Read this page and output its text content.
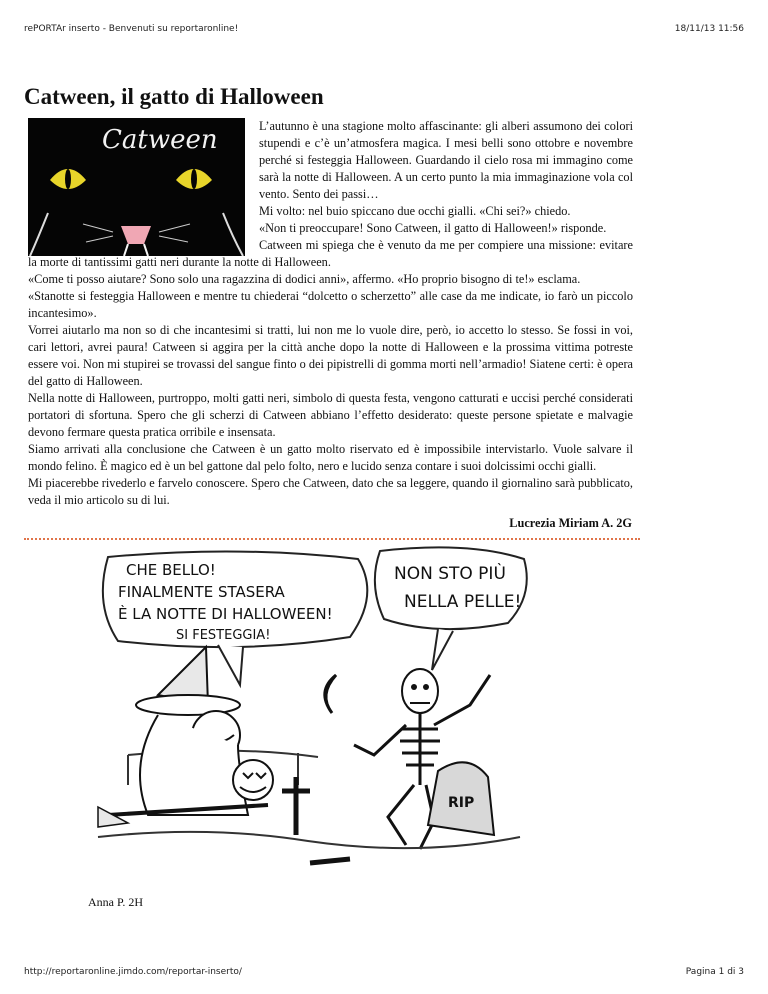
rePORTAr inserto - Benvenuti su reportaronline!	18/11/13 11:56
Catween, il gatto di Halloween
Catween	L’autunno è una stagione molto affascinante: gli alberi assumono dei colori stupendi e c’è un’atmosfera magica. I mesi belli sono ottobre e novembre perché si festeggia Halloween. Guardando il cielo rosa mi immagino come sarà la notte di Halloween. A un certo punto la mia immaginazione vola col vento. Sento dei passi…

Mi volto: nel buio spiccano due occhi gialli. «Chi sei?» chiedo.

«Non ti preoccupare! Sono Catween, il gatto di Halloween!» risponde.

Catween mi spiega che è venuto da me per compiere una missione: evitare la morte di tantissimi gatti neri durante la notte di Halloween.

«Come ti posso aiutare? Sono solo una ragazzina di dodici anni», affermo. «Ho proprio bisogno di te!» esclama.

«Stanotte si festeggia Halloween e mentre tu chiederai “dolcetto o scherzetto” alle case da me indicate, io farò un piccolo incantesimo».

Vorrei aiutarlo ma non so di che incantesimi si tratti, lui non me lo vuole dire, però, io accetto lo stesso. Se fossi in voi, cari lettori, avrei paura! Catween si aggira per la città anche dopo la notte di Halloween e la prossima vittima potreste essere voi. Non mi stupirei se trovassi del sangue finto o dei pipistrelli di gomma morti nell’armadio! Siatene certi: è opera del gatto di Halloween.

Nella notte di Halloween, purtroppo, molti gatti neri, simbolo di questa festa, vengono catturati e uccisi perché considerati portatori di sfortuna. Spero che gli scherzi di Catween abbiano l’effetto desiderato: queste persone spietate e malvagie devono fermare questa pratica orribile e insensata.

Siamo arrivati alla conclusione che Catween è un gatto molto riservato ed è impossibile intervistarlo. Vuole salvare il mondo felino. È magico ed è un bel gattone dal pelo folto, nero e lucido senza contare i suoi dolcissimi occhi gialli.

Mi piacerebbe rivederlo e farvelo conoscere. Spero che Catween, dato che sa leggere, quando il giornalino sarà pubblicato, veda il mio articolo su di lui.

Lucrezia Miriam A. 2G
CHE BELLO!
FINALMENTE STASERA
È LA NOTTE DI HALLOWEEN!
SI FESTEGGIA!
NON STO PIÙ
NELLA PELLE!
RIP
Anna P. 2H
http://reportaronline.jimdo.com/reportar-inserto/	Pagina 1 di 3
